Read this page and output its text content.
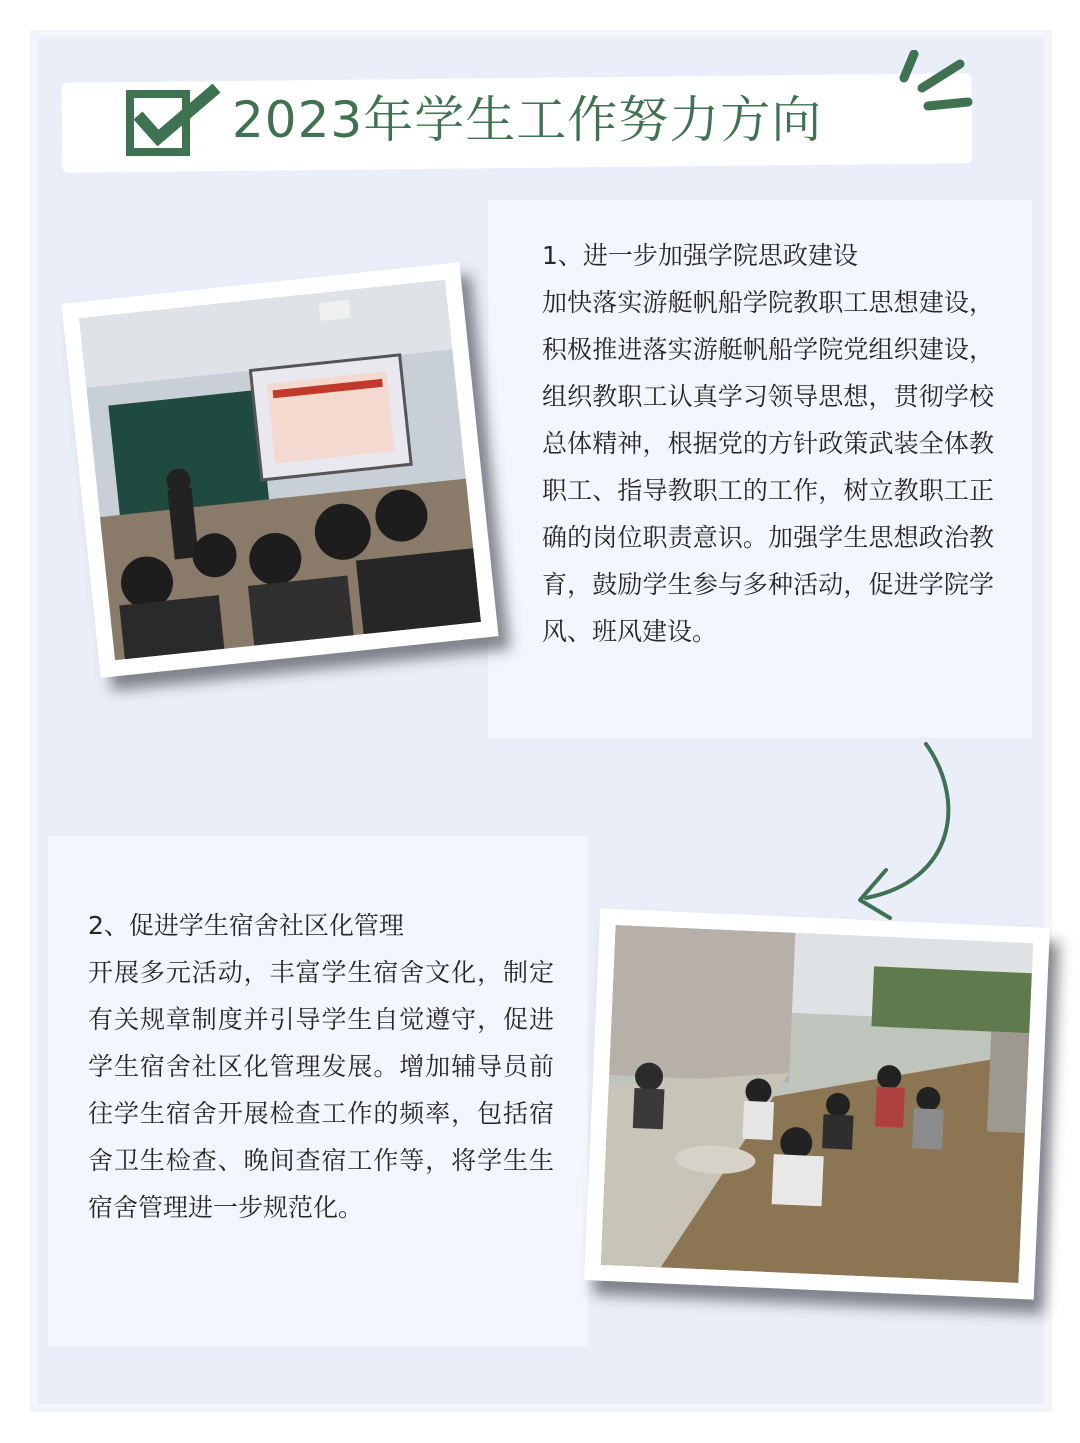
2023年学生工作努力方向
1、进一步加强学院思政建设
加快落实游艇帆船学院教职工思想建设，积极推进落实游艇帆船学院党组织建设，组织教职工认真学习领导思想，贯彻学校总体精神，根据党的方针政策武装全体教职工、指导教职工的工作，树立教职工正确的岗位职责意识。加强学生思想政治教育，鼓励学生参与多种活动，促进学院学风、班风建设。
2、促进学生宿舍社区化管理
开展多元活动，丰富学生宿舍文化，制定有关规章制度并引导学生自觉遵守，促进学生宿舍社区化管理发展。增加辅导员前往学生宿舍开展检查工作的频率，包括宿舍卫生检查、晚间查宿工作等，将学生生宿舍管理进一步规范化。
